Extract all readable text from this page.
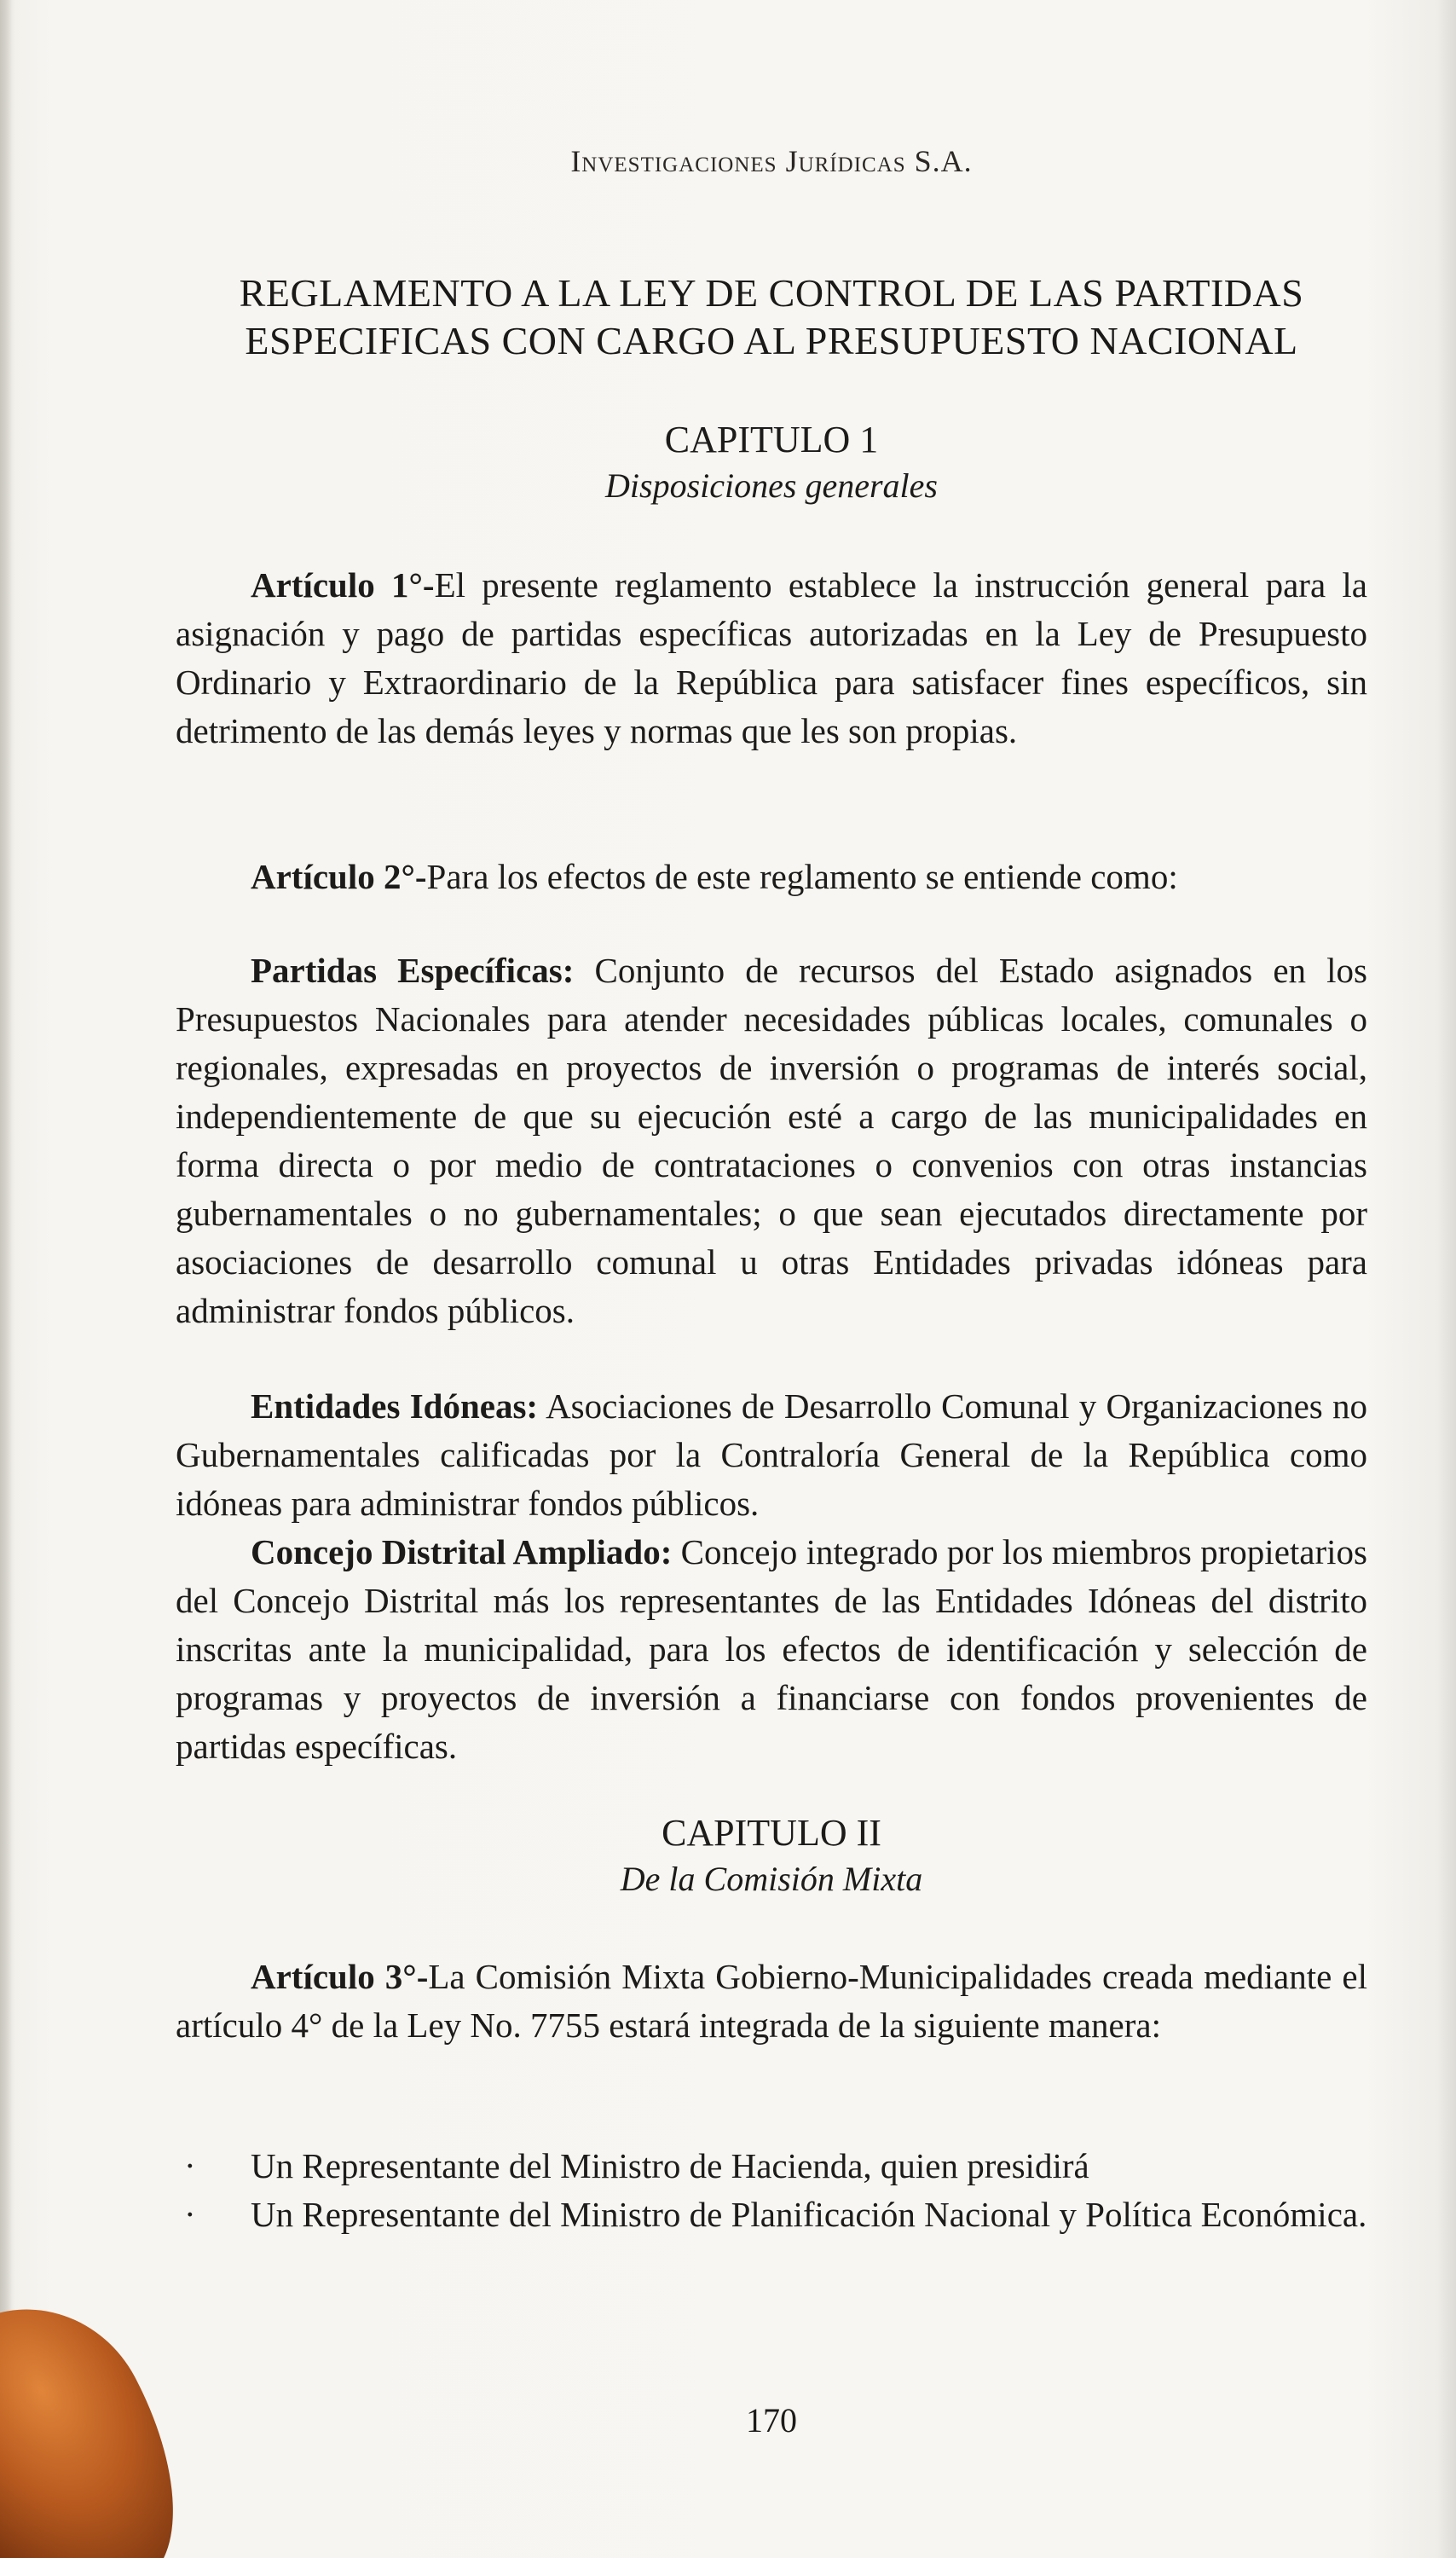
Investigaciones Jurídicas S.A.
REGLAMENTO A LA LEY DE CONTROL DE LAS PARTIDAS
ESPECIFICAS CON CARGO AL PRESUPUESTO NACIONAL
CAPITULO 1
Disposiciones generales

Artículo 1°-El presente reglamento establece la instrucción general para la asignación y pago de partidas específicas autorizadas en la Ley de Presupuesto Ordinario y Extraordinario de la República para satisfacer fines específicos, sin detrimento de las demás leyes y normas que les son propias.

Artículo 2°-Para los efectos de este reglamento se entiende como:

Partidas Específicas: Conjunto de recursos del Estado asignados en los Presupuestos Nacionales para atender necesidades públicas locales, comunales o regionales, expresadas en proyectos de inversión o programas de interés social, independientemente de que su ejecución esté a cargo de las municipalidades en forma directa o por medio de contrataciones o convenios con otras instancias gubernamentales o no gubernamentales; o que sean ejecutados directamente por asociaciones de desarrollo comunal u otras Entidades privadas idóneas para administrar fondos públicos.

Entidades Idóneas: Asociaciones de Desarrollo Comunal y Organizaciones no Gubernamentales calificadas por la Contraloría General de la República como idóneas para administrar fondos públicos.

Concejo Distrital Ampliado: Concejo integrado por los miembros propietarios del Concejo Distrital más los representantes de las Entidades Idóneas del distrito inscritas ante la municipalidad, para los efectos de identificación y selección de programas y proyectos de inversión a financiarse con fondos provenientes de partidas específicas.

CAPITULO II
De la Comisión Mixta

Artículo 3°-La Comisión Mixta Gobierno-Municipalidades creada mediante el artículo 4° de la Ley No. 7755 estará integrada de la siguiente manera:

· Un Representante del Ministro de Hacienda, quien presidirá
· Un Representante del Ministro de Planificación Nacional y Política Económica.
170
